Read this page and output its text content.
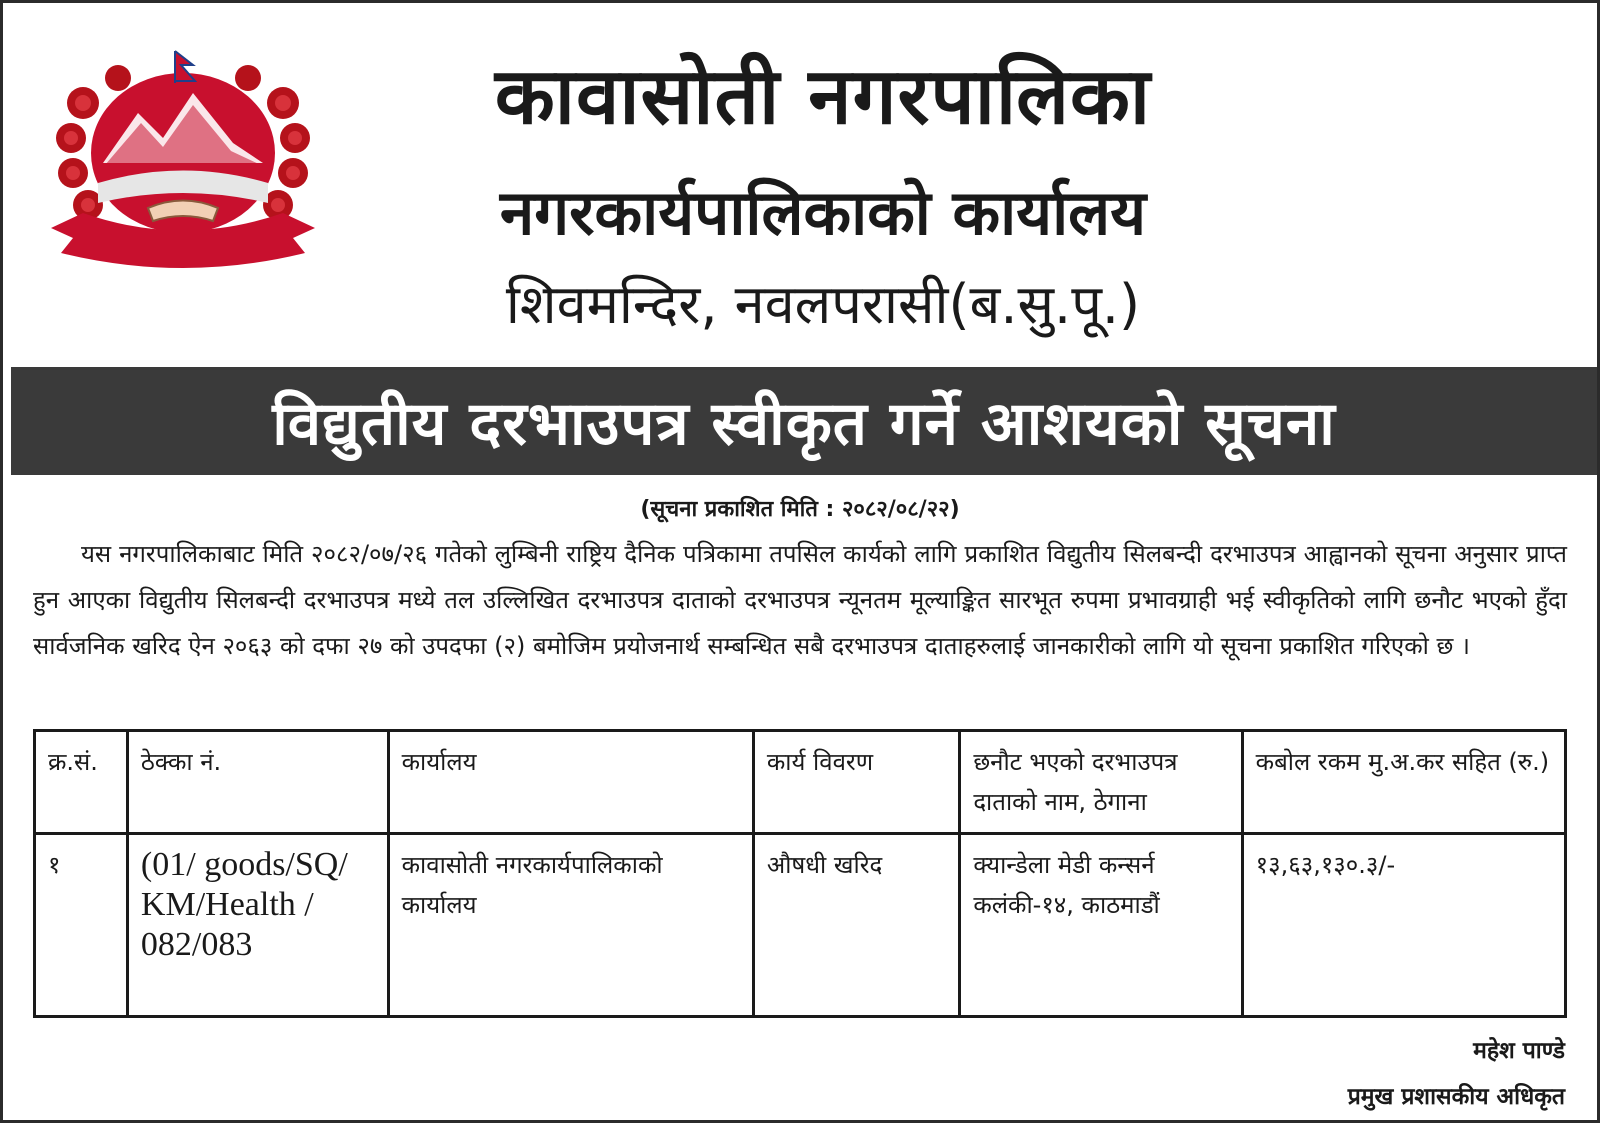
कावासोती नगरपालिका
नगरकार्यपालिकाको कार्यालय
शिवमन्दिर, नवलपरासी(ब.सु.पू.)
विद्युतीय दरभाउपत्र स्वीकृत गर्ने आशयको सूचना
(सूचना प्रकाशित मिति : २०८२/०८/२२)
यस नगरपालिकाबाट मिति २०८२/०७/२६ गतेको लुम्बिनी राष्ट्रिय दैनिक पत्रिकामा तपसिल कार्यको लागि प्रकाशित विद्युतीय सिलबन्दी दरभाउपत्र आह्वानको सूचना अनुसार प्राप्त हुन आएका विद्युतीय सिलबन्दी दरभाउपत्र मध्ये तल उल्लिखित दरभाउपत्र दाताको दरभाउपत्र न्यूनतम मूल्याङ्कित सारभूत रुपमा प्रभावग्राही भई स्वीकृतिको लागि छनौट भएको हुँदा सार्वजनिक खरिद ऐन २०६३ को दफा २७ को उपदफा (२) बमोजिम प्रयोजनार्थ सम्बन्धित सबै दरभाउपत्र दाताहरुलाई जानकारीको लागि यो सूचना प्रकाशित गरिएको छ ।
क्र.सं.	ठेक्का नं.	कार्यालय	कार्य विवरण	छनौट भएको दरभाउपत्र दाताको नाम, ठेगाना	कबोल रकम मु.अ.कर सहित (रु.)
१	(01/ goods/SQ/ KM/Health / 082/083	कावासोती नगरकार्यपालिकाको कार्यालय	औषधी खरिद	क्यान्डेला मेडी कन्सर्न कलंकी-१४, काठमाडौं	१३,६३,१३०.३/-
महेश पाण्डे
प्रमुख प्रशासकीय अधिकृत
